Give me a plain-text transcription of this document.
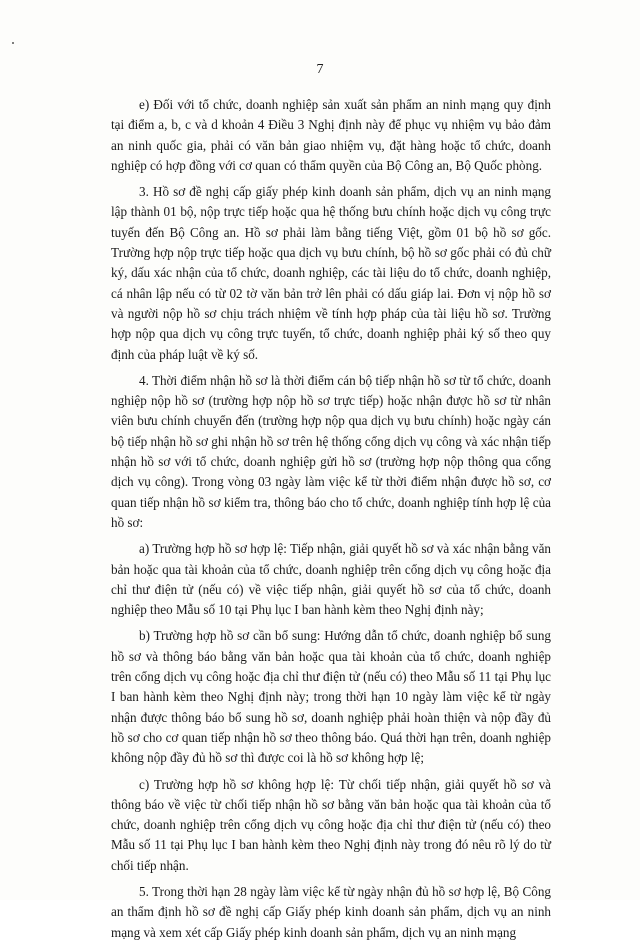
7

e) Đối với tổ chức, doanh nghiệp sản xuất sản phẩm an ninh mạng quy định tại điểm a, b, c và d khoản 4 Điều 3 Nghị định này để phục vụ nhiệm vụ bảo đảm an ninh quốc gia, phải có văn bản giao nhiệm vụ, đặt hàng hoặc tổ chức, doanh nghiệp có hợp đồng với cơ quan có thẩm quyền của Bộ Công an, Bộ Quốc phòng.

3. Hồ sơ đề nghị cấp giấy phép kinh doanh sản phẩm, dịch vụ an ninh mạng lập thành 01 bộ, nộp trực tiếp hoặc qua hệ thống bưu chính hoặc dịch vụ công trực tuyến đến Bộ Công an. Hồ sơ phải làm bằng tiếng Việt, gồm 01 bộ hồ sơ gốc. Trường hợp nộp trực tiếp hoặc qua dịch vụ bưu chính, bộ hồ sơ gốc phải có đủ chữ ký, dấu xác nhận của tổ chức, doanh nghiệp, các tài liệu do tổ chức, doanh nghiệp, cá nhân lập nếu có từ 02 tờ văn bản trở lên phải có dấu giáp lai. Đơn vị nộp hồ sơ và người nộp hồ sơ chịu trách nhiệm về tính hợp pháp của tài liệu hồ sơ. Trường hợp nộp qua dịch vụ công trực tuyến, tổ chức, doanh nghiệp phải ký số theo quy định của pháp luật về ký số.

4. Thời điểm nhận hồ sơ là thời điểm cán bộ tiếp nhận hồ sơ từ tổ chức, doanh nghiệp nộp hồ sơ (trường hợp nộp hồ sơ trực tiếp) hoặc nhận được hồ sơ từ nhân viên bưu chính chuyển đến (trường hợp nộp qua dịch vụ bưu chính) hoặc ngày cán bộ tiếp nhận hồ sơ ghi nhận hồ sơ trên hệ thống cổng dịch vụ công và xác nhận tiếp nhận hồ sơ với tổ chức, doanh nghiệp gửi hồ sơ (trường hợp nộp thông qua cổng dịch vụ công). Trong vòng 03 ngày làm việc kể từ thời điểm nhận được hồ sơ, cơ quan tiếp nhận hồ sơ kiểm tra, thông báo cho tổ chức, doanh nghiệp tính hợp lệ của hồ sơ:

a) Trường hợp hồ sơ hợp lệ: Tiếp nhận, giải quyết hồ sơ và xác nhận bằng văn bản hoặc qua tài khoản của tổ chức, doanh nghiệp trên cổng dịch vụ công hoặc địa chỉ thư điện tử (nếu có) về việc tiếp nhận, giải quyết hồ sơ của tổ chức, doanh nghiệp theo Mẫu số 10 tại Phụ lục I ban hành kèm theo Nghị định này;

b) Trường hợp hồ sơ cần bổ sung: Hướng dẫn tổ chức, doanh nghiệp bổ sung hồ sơ và thông báo bằng văn bản hoặc qua tài khoản của tổ chức, doanh nghiệp trên cổng dịch vụ công hoặc địa chỉ thư điện tử (nếu có) theo Mẫu số 11 tại Phụ lục I ban hành kèm theo Nghị định này; trong thời hạn 10 ngày làm việc kể từ ngày nhận được thông báo bổ sung hồ sơ, doanh nghiệp phải hoàn thiện và nộp đầy đủ hồ sơ cho cơ quan tiếp nhận hồ sơ theo thông báo. Quá thời hạn trên, doanh nghiệp không nộp đầy đủ hồ sơ thì được coi là hồ sơ không hợp lệ;

c) Trường hợp hồ sơ không hợp lệ: Từ chối tiếp nhận, giải quyết hồ sơ và thông báo về việc từ chối tiếp nhận hồ sơ bằng văn bản hoặc qua tài khoản của tổ chức, doanh nghiệp trên cổng dịch vụ công hoặc địa chỉ thư điện tử (nếu có) theo Mẫu số 11 tại Phụ lục I ban hành kèm theo Nghị định này trong đó nêu rõ lý do từ chối tiếp nhận.

5. Trong thời hạn 28 ngày làm việc kể từ ngày nhận đủ hồ sơ hợp lệ, Bộ Công an thẩm định hồ sơ đề nghị cấp Giấy phép kinh doanh sản phẩm, dịch vụ an ninh mạng và xem xét cấp Giấy phép kinh doanh sản phẩm, dịch vụ an ninh mạng
